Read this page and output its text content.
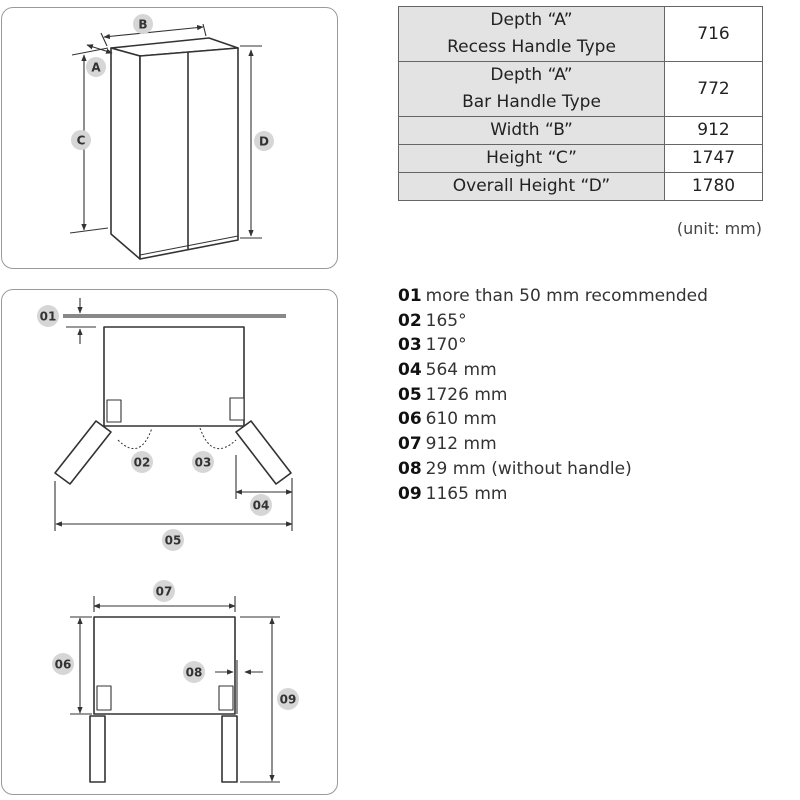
B
A
C	D
01
02	03
04
05
06
07
08
09
Depth “A”
Recess Handle Type	716

Depth “A”
Bar Handle Type	772
Width “B”	912
Height “C”	1747
Overall Height “D”	1780
(unit: mm)
01 more than 50 mm recommended
02 165°
03 170°
04 564 mm
05 1726 mm
06 610 mm
07 912 mm
08 29 mm (without handle)
09 1165 mm
